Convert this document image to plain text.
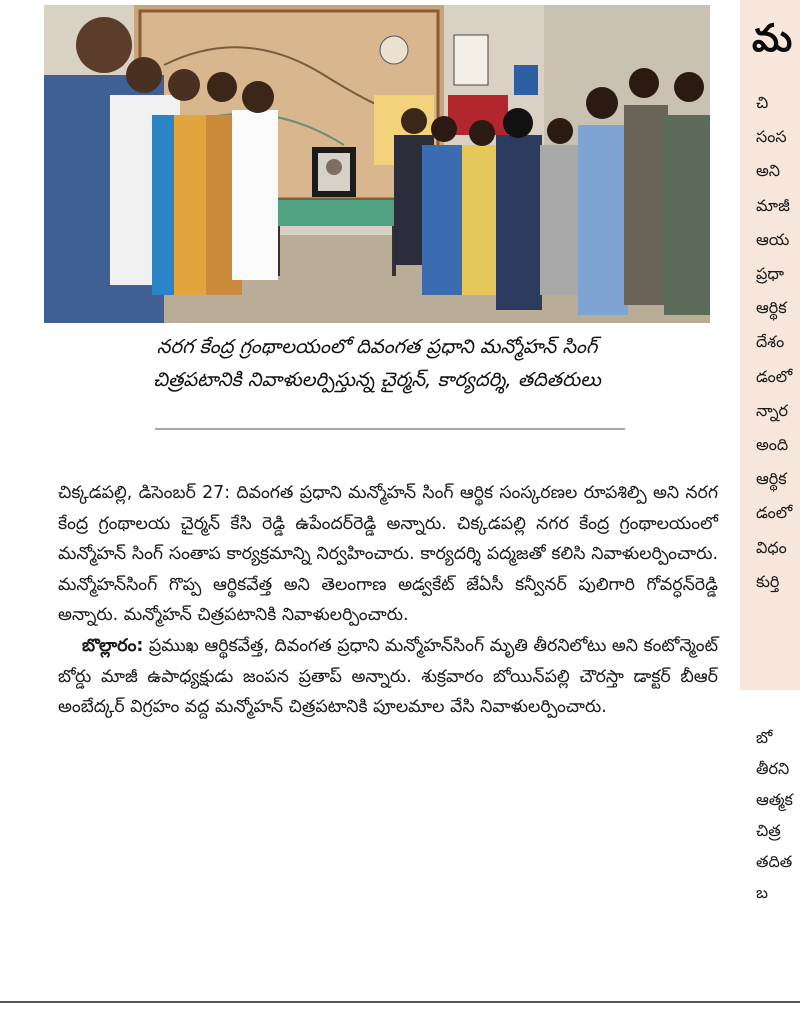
నరగ కేంద్ర గ్రంథాలయంలో దివంగత ప్రధాని మన్మోహన్ సింగ్
చిత్రపటానికి నివాళులర్పిస్తున్న చైర్మన్, కార్యదర్శి, తదితరులు

చిక్కడపల్లి, డిసెంబర్ 27: దివంగత ప్రధాని మన్మోహన్ సింగ్ ఆర్థిక సంస్కరణల రూపశిల్పి అని నరగ కేంద్ర గ్రంథాలయ చైర్మన్ కేసి రెడ్డి ఉపేందర్‌రెడ్డి అన్నారు. చిక్కడపల్లి నగర కేంద్ర గ్రంథాలయంలో మన్మోహన్ సింగ్ సంతాప కార్యక్రమాన్ని నిర్వహించారు. కార్యదర్శి పద్మజతో కలిసి నివాళులర్పించారు. మన్మోహన్‌సింగ్ గొప్ప ఆర్థికవేత్త అని తెలంగాణ అడ్వకేట్ జేఏసీ కన్వీనర్ పులిగారి గోవర్ధన్‌రెడ్డి అన్నారు. మన్మోహన్ చిత్రపటానికి నివాళులర్పించారు.

బొల్లారం: ప్రముఖ ఆర్థికవేత్త, దివంగత ప్రధాని మన్మోహన్‌సింగ్ మృతి తీరనిలోటు అని కంటోన్మెంట్ బోర్డు మాజీ ఉపాధ్యక్షుడు జంపన ప్రతాప్ అన్నారు. శుక్రవారం బోయిన్‌పల్లి చౌరస్తా డాక్టర్ బీఆర్ అంబేద్కర్ విగ్రహం వద్ద మన్మోహన్ చిత్రపటానికి పూలమాల వేసి నివాళులర్పించారు.

మ
చి
సంస
అని
మాజీ
ఆయ
ప్రధా
ఆర్థిక
దేశం
డంలో
న్నార
అంది
ఆర్థిక
డంలో
విధం
కుర్తి
బో
తీరని
ఆత్మక
చిత్ర
తదిత
బ
